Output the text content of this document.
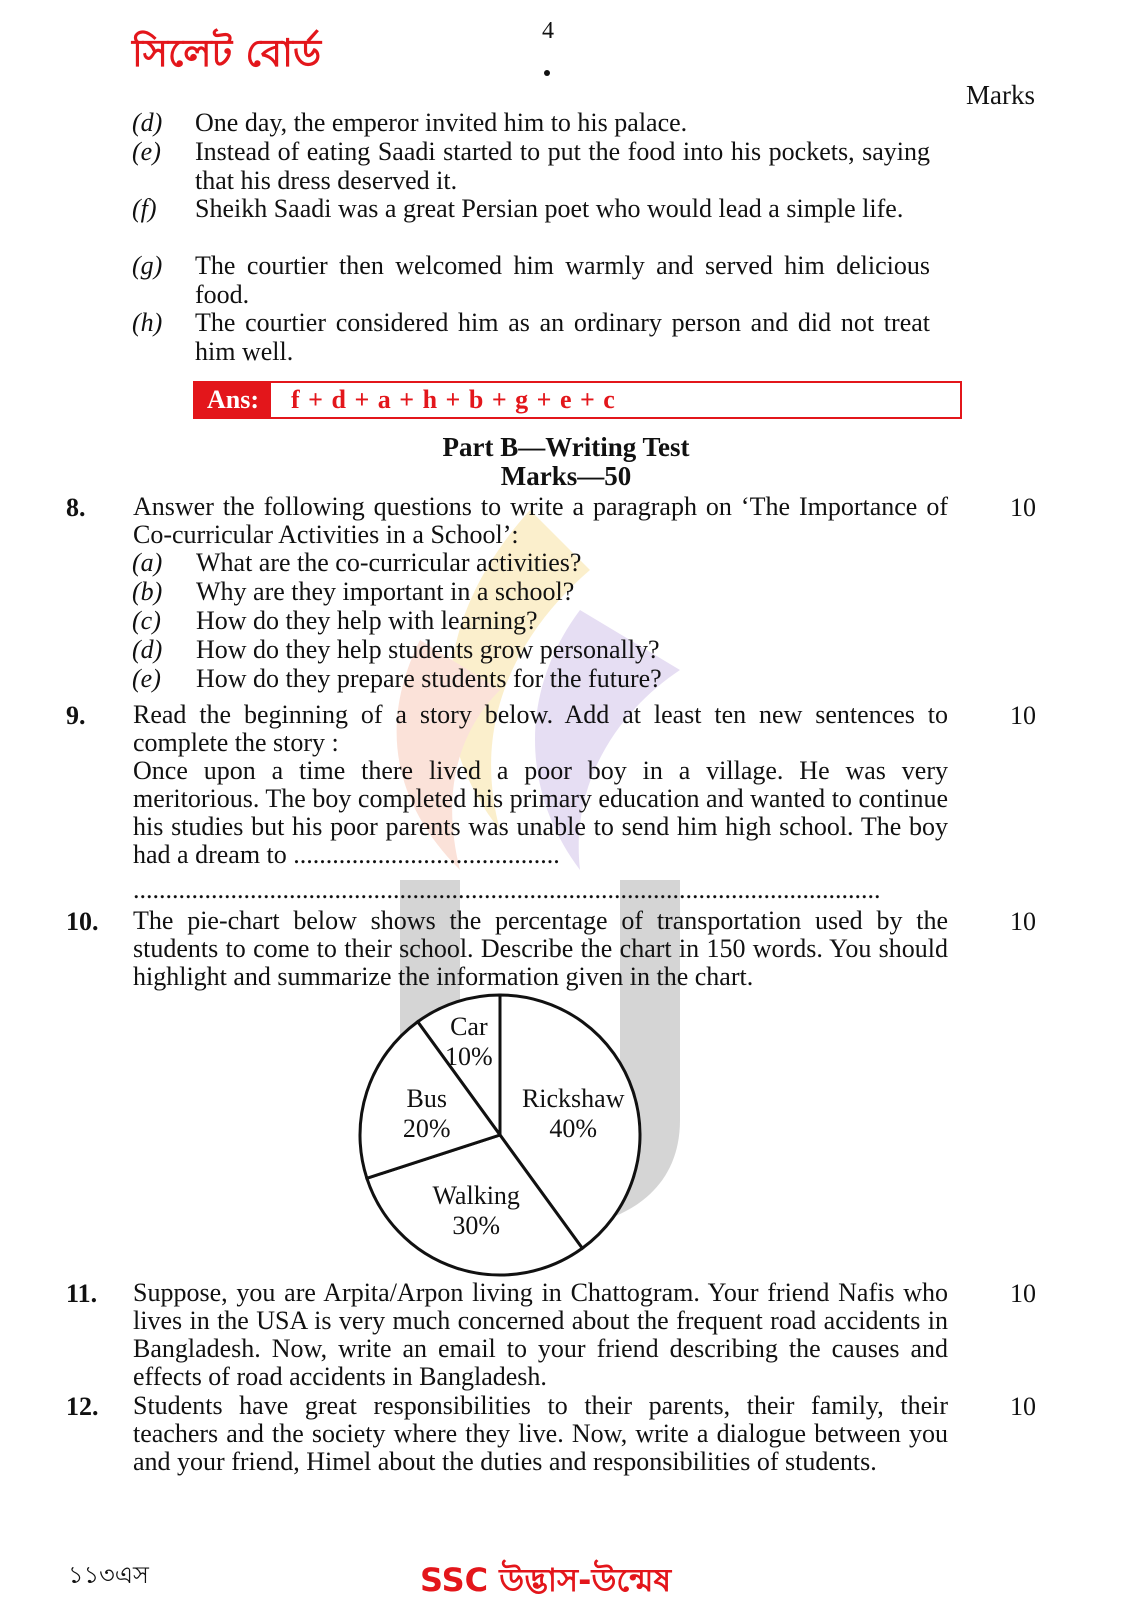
সিলেট বোর্ড	4
Marks
(d) One day, the emperor invited him to his palace.
(e) Instead of eating Saadi started to put the food into his pockets, saying that his dress deserved it.
(f) Sheikh Saadi was a great Persian poet who would lead a simple life.
(g) The courtier then welcomed him warmly and served him delicious food.
(h) The courtier considered him as an ordinary person and did not treat him well.
Ans:	f + d + a + h + b + g + e + c
Part B—Writing Test
Marks—50
8.	10
Answer the following questions to write a paragraph on ‘The Importance of Co-curricular Activities in a School’:
(a) What are the co-curricular activities?
(b) Why are they important in a school?
(c) How do they help with learning?
(d) How do they help students grow personally?
(e) How do they prepare students for the future?
9.	10
Read the beginning of a story below. Add at least ten new sentences to complete the story :
Once upon a time there lived a poor boy in a village. He was very meritorious. The boy completed his primary education and wanted to continue his studies but his poor parents was unable to send him high school. The boy had a dream to .........................................
...................................................................................................................
10.	10
The pie-chart below shows the percentage of transportation used by the students to come to their school. Describe the chart in 150 words. You should highlight and summarize the information given in the chart.
Car
10%
Rickshaw
40%
Walking
30%
Bus
20%
11.	10
Suppose, you are Arpita/Arpon living in Chattogram. Your friend Nafis who lives in the USA is very much concerned about the frequent road accidents in Bangladesh. Now, write an email to your friend describing the causes and effects of road accidents in Bangladesh.
12.	10
Students have great responsibilities to their parents, their family, their teachers and the society where they live. Now, write a dialogue between you and your friend, Himel about the duties and responsibilities of students.
১১৩এস	SSC উদ্ভাস-উন্মেষ
